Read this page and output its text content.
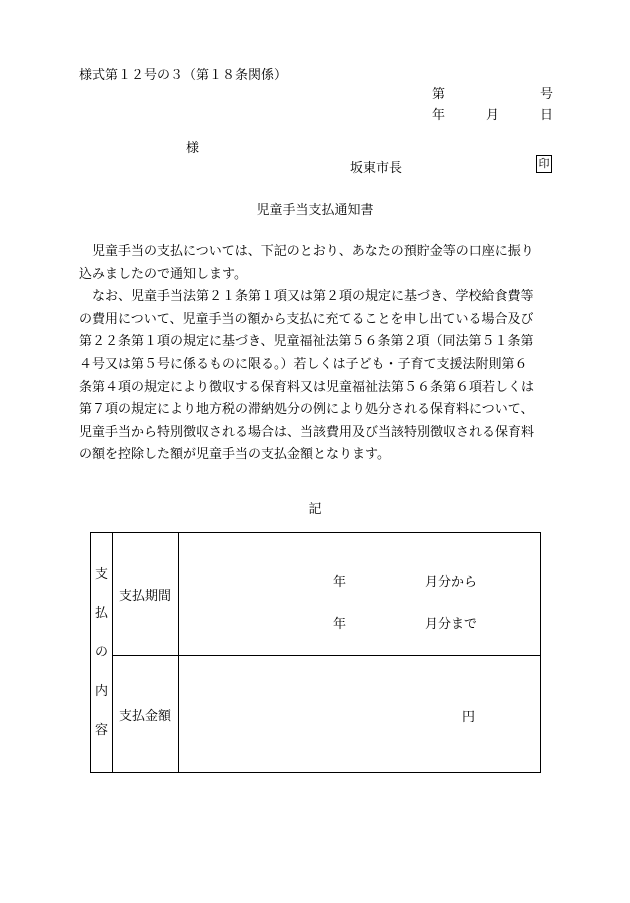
様式第１２号の３（第１８条関係）
第	号
年	月	日
様
坂東市長	印
児童手当支払通知書

　児童手当の支払については、下記のとおり、あなたの預貯金等の口座に振り

込みましたので通知します。

　なお、児童手当法第２１条第１項又は第２項の規定に基づき、学校給食費等

の費用について、児童手当の額から支払に充てることを申し出ている場合及び

第２２条第１項の規定に基づき、児童福祉法第５６条第２項（同法第５１条第

４号又は第５号に係るものに限る。）若しくは子ども・子育て支援法附則第６

条第４項の規定により徴収する保育料又は児童福祉法第５６条第６項若しくは

第７項の規定により地方税の滞納処分の例により処分される保育料について、

児童手当から特別徴収される場合は、当該費用及び当該特別徴収される保育料

の額を控除した額が児童手当の支払金額となります。

記
支
払
の
内
容	支払期間	年 月分から
年 月分まで

	支払金額	円
